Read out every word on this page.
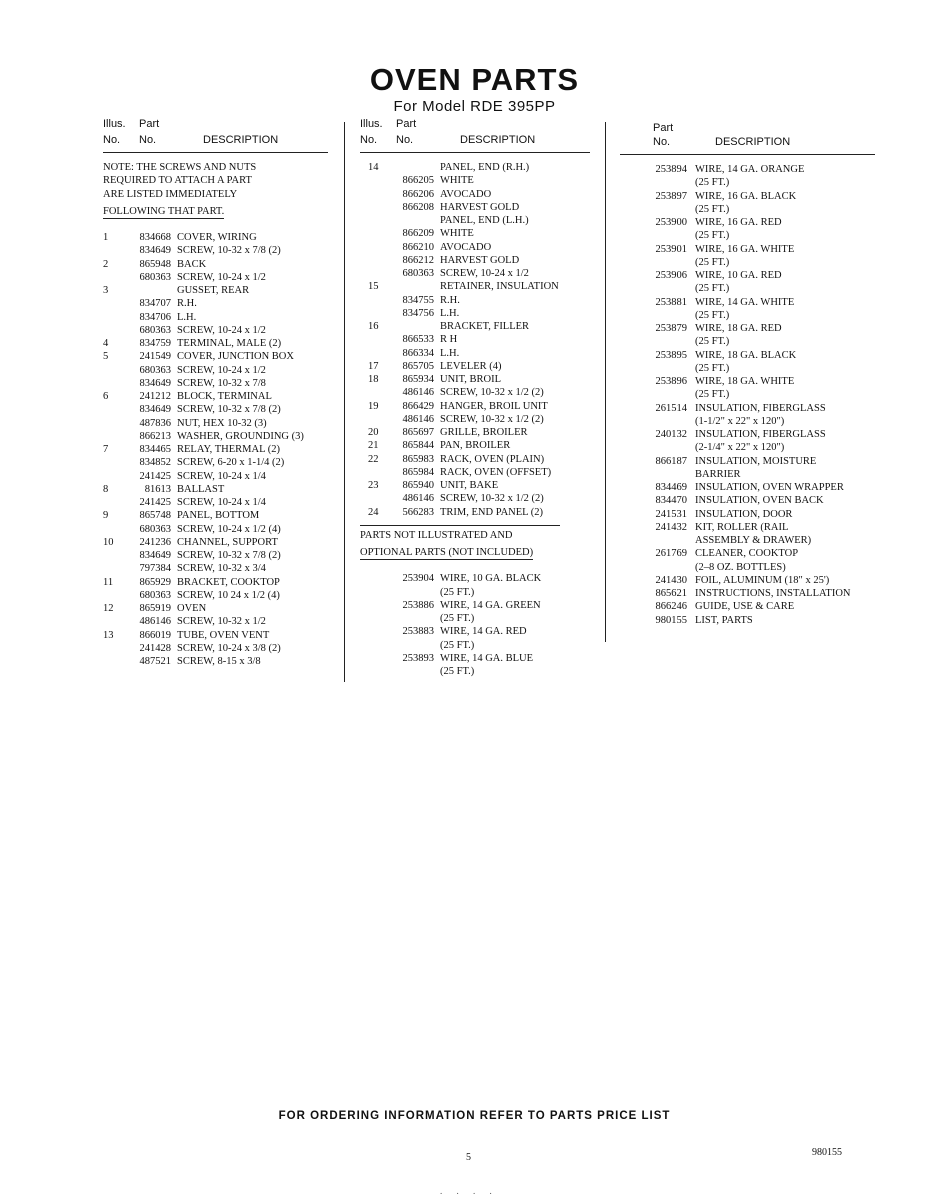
OVEN PARTS
For Model RDE 395PP
Illus. Part
No. No.	DESCRIPTION
NOTE: THE SCREWS AND NUTS
REQUIRED TO ATTACH A PART
ARE LISTED IMMEDIATELY
FOLLOWING THAT PART.
1	834668 COVER, WIRING
834649 SCREW, 10-32 x 7/8 (2)
2	865948 BACK
680363 SCREW, 10-24 x 1/2
3	GUSSET, REAR
834707 R.H.
834706 L.H.
680363 SCREW, 10-24 x 1/2
4	834759 TERMINAL, MALE (2)
5	241549 COVER, JUNCTION BOX
680363 SCREW, 10-24 x 1/2
834649 SCREW, 10-32 x 7/8
6	241212 BLOCK, TERMINAL
834649 SCREW, 10-32 x 7/8 (2)
487836 NUT, HEX 10-32 (3)
866213 WASHER, GROUNDING (3)
7	834465 RELAY, THERMAL (2)
834852 SCREW, 6-20 x 1-1/4 (2)
241425 SCREW, 10-24 x 1/4
8	81613 BALLAST
241425 SCREW, 10-24 x 1/4
9	865748 PANEL, BOTTOM
680363 SCREW, 10-24 x 1/2 (4)
10 241236 CHANNEL, SUPPORT
834649 SCREW, 10-32 x 7/8 (2)
797384 SCREW, 10-32 x 3/4
11	865929 BRACKET, COOKTOP
680363 SCREW, 10 24 x 1/2 (4)
12 865919 OVEN
486146 SCREW, 10-32 x 1/2
13 866019 TUBE, OVEN VENT
241428 SCREW, 10-24 x 3/8 (2)
487521 SCREW, 8-15 x 3/8
Illus. Part
No. No.	DESCRIPTION
14	PANEL, END (R.H.)
866205 WHITE
866206 AVOCADO
866208 HARVEST GOLD
PANEL, END (L.H.)
866209 WHITE
866210 AVOCADO
866212 HARVEST GOLD
680363 SCREW, 10-24 x 1/2
15	RETAINER, INSULATION
834755 R.H.
834756 L.H.
16	BRACKET, FILLER
866533 R H
866334 L.H.
17 865705 LEVELER (4)
18 865934 UNIT, BROIL
486146 SCREW, 10-32 x 1/2 (2)
19 866429 HANGER, BROIL UNIT
486146 SCREW, 10-32 x 1/2 (2)
20 865697 GRILLE, BROILER
21 865844 PAN, BROILER
22 865983 RACK, OVEN (PLAIN)
865984 RACK, OVEN (OFFSET)
23 865940 UNIT, BAKE
486146 SCREW, 10-32 x 1/2 (2)
24 566283 TRIM, END PANEL (2)
PARTS NOT ILLUSTRATED AND
OPTIONAL PARTS (NOT INCLUDED)
253904 WIRE, 10 GA. BLACK
(25 FT.)
253886 WIRE, 14 GA. GREEN
(25 FT.)
253883 WIRE, 14 GA. RED
(25 FT.)
253893 WIRE, 14 GA. BLUE
(25 FT.)
Part
No.	DESCRIPTION
253894 WIRE, 14 GA. ORANGE
(25 FT.)
253897 WIRE, 16 GA. BLACK
(25 FT.)
253900 WIRE, 16 GA. RED
(25 FT.)
253901 WIRE, 16 GA. WHITE
(25 FT.)
253906 WIRE, 10 GA. RED
(25 FT.)
253881 WIRE, 14 GA. WHITE
(25 FT.)
253879 WIRE, 18 GA. RED
(25 FT.)
253895 WIRE, 18 GA. BLACK
(25 FT.)
253896 WIRE, 18 GA. WHITE
(25 FT.)
261514 INSULATION, FIBERGLASS
(1-1/2" x 22" x 120")
240132 INSULATION, FIBERGLASS
(2-1/4" x 22" x 120")
866187 INSULATION, MOISTURE
BARRIER
834469 INSULATION, OVEN WRAPPER
834470 INSULATION, OVEN BACK
241531 INSULATION, DOOR
241432 KIT, ROLLER (RAIL
ASSEMBLY & DRAWER)
261769 CLEANER, COOKTOP
(2–8 OZ. BOTTLES)
241430 FOIL, ALUMINUM (18" x 25')
865621 INSTRUCTIONS, INSTALLATION
866246 GUIDE, USE & CARE
980155 LIST, PARTS
FOR ORDERING INFORMATION REFER TO PARTS PRICE LIST
5	980155
. . . .
